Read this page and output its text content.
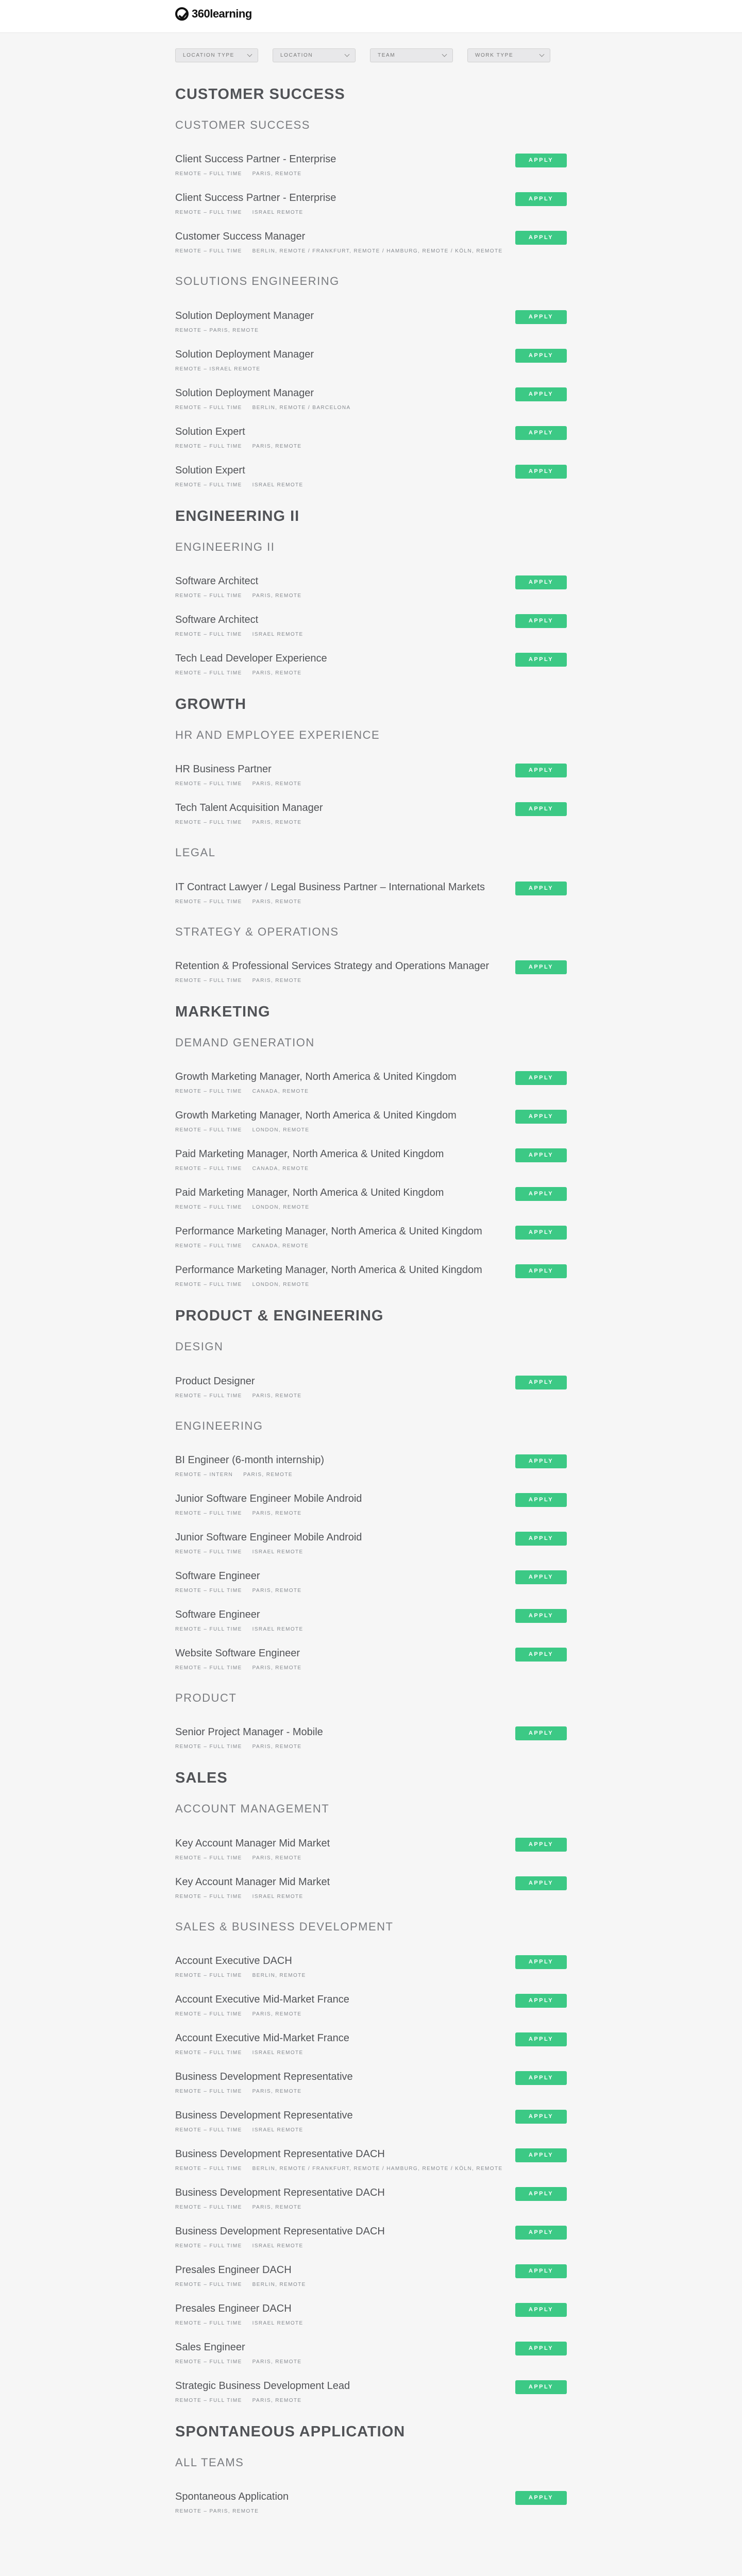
360learning
LOCATION TYPE	LOCATION	TEAM	WORK TYPE
CUSTOMER SUCCESS
CUSTOMER SUCCESS
Client Success Partner - Enterprise
REMOTE – FULL TIME PARIS, REMOTE
APPLY
Client Success Partner - Enterprise
REMOTE – FULL TIME ISRAEL REMOTE
APPLY
Customer Success Manager
REMOTE – FULL TIME BERLIN, REMOTE / FRANKFURT, REMOTE / HAMBURG, REMOTE / KÖLN, REMOTE
APPLY
SOLUTIONS ENGINEERING
Solution Deployment Manager
REMOTE – PARIS, REMOTE
APPLY
Solution Deployment Manager
REMOTE – ISRAEL REMOTE
APPLY
Solution Deployment Manager
REMOTE – FULL TIME BERLIN, REMOTE / BARCELONA
APPLY
Solution Expert
REMOTE – FULL TIME PARIS, REMOTE
APPLY
Solution Expert
REMOTE – FULL TIME ISRAEL REMOTE
APPLY
ENGINEERING II
ENGINEERING II
Software Architect
REMOTE – FULL TIME PARIS, REMOTE
APPLY
Software Architect
REMOTE – FULL TIME ISRAEL REMOTE
APPLY
Tech Lead Developer Experience
REMOTE – FULL TIME PARIS, REMOTE
APPLY
GROWTH
HR AND EMPLOYEE EXPERIENCE
HR Business Partner
REMOTE – FULL TIME PARIS, REMOTE
APPLY
Tech Talent Acquisition Manager
REMOTE – FULL TIME PARIS, REMOTE
APPLY
LEGAL
IT Contract Lawyer / Legal Business Partner – International Markets
REMOTE – FULL TIME PARIS, REMOTE
APPLY
STRATEGY & OPERATIONS
Retention & Professional Services Strategy and Operations Manager
REMOTE – FULL TIME PARIS, REMOTE
APPLY
MARKETING
DEMAND GENERATION
Growth Marketing Manager, North America & United Kingdom
REMOTE – FULL TIME CANADA, REMOTE
APPLY
Growth Marketing Manager, North America & United Kingdom
REMOTE – FULL TIME LONDON, REMOTE
APPLY
Paid Marketing Manager, North America & United Kingdom
REMOTE – FULL TIME CANADA, REMOTE
APPLY
Paid Marketing Manager, North America & United Kingdom
REMOTE – FULL TIME LONDON, REMOTE
APPLY
Performance Marketing Manager, North America & United Kingdom
REMOTE – FULL TIME CANADA, REMOTE
APPLY
Performance Marketing Manager, North America & United Kingdom
REMOTE – FULL TIME LONDON, REMOTE
APPLY
PRODUCT & ENGINEERING
DESIGN
Product Designer
REMOTE – FULL TIME PARIS, REMOTE
APPLY
ENGINEERING
BI Engineer (6-month internship)
REMOTE – INTERN PARIS, REMOTE
APPLY
Junior Software Engineer Mobile Android
REMOTE – FULL TIME PARIS, REMOTE
APPLY
Junior Software Engineer Mobile Android
REMOTE – FULL TIME ISRAEL REMOTE
APPLY
Software Engineer
REMOTE – FULL TIME PARIS, REMOTE
APPLY
Software Engineer
REMOTE – FULL TIME ISRAEL REMOTE
APPLY
Website Software Engineer
REMOTE – FULL TIME PARIS, REMOTE
APPLY
PRODUCT
Senior Project Manager - Mobile
REMOTE – FULL TIME PARIS, REMOTE
APPLY
SALES
ACCOUNT MANAGEMENT
Key Account Manager Mid Market
REMOTE – FULL TIME PARIS, REMOTE
APPLY
Key Account Manager Mid Market
REMOTE – FULL TIME ISRAEL REMOTE
APPLY
SALES & BUSINESS DEVELOPMENT
Account Executive DACH
REMOTE – FULL TIME BERLIN, REMOTE
APPLY
Account Executive Mid-Market France
REMOTE – FULL TIME PARIS, REMOTE
APPLY
Account Executive Mid-Market France
REMOTE – FULL TIME ISRAEL REMOTE
APPLY
Business Development Representative
REMOTE – FULL TIME PARIS, REMOTE
APPLY
Business Development Representative
REMOTE – FULL TIME ISRAEL REMOTE
APPLY
Business Development Representative DACH
REMOTE – FULL TIME BERLIN, REMOTE / FRANKFURT, REMOTE / HAMBURG, REMOTE / KÖLN, REMOTE
APPLY
Business Development Representative DACH
REMOTE – FULL TIME PARIS, REMOTE
APPLY
Business Development Representative DACH
REMOTE – FULL TIME ISRAEL REMOTE
APPLY
Presales Engineer DACH
REMOTE – FULL TIME BERLIN, REMOTE
APPLY
Presales Engineer DACH
REMOTE – FULL TIME ISRAEL REMOTE
APPLY
Sales Engineer
REMOTE – FULL TIME PARIS, REMOTE
APPLY
Strategic Business Development Lead
REMOTE – FULL TIME PARIS, REMOTE
APPLY
SPONTANEOUS APPLICATION
ALL TEAMS
Spontaneous Application
REMOTE – PARIS, REMOTE
APPLY
